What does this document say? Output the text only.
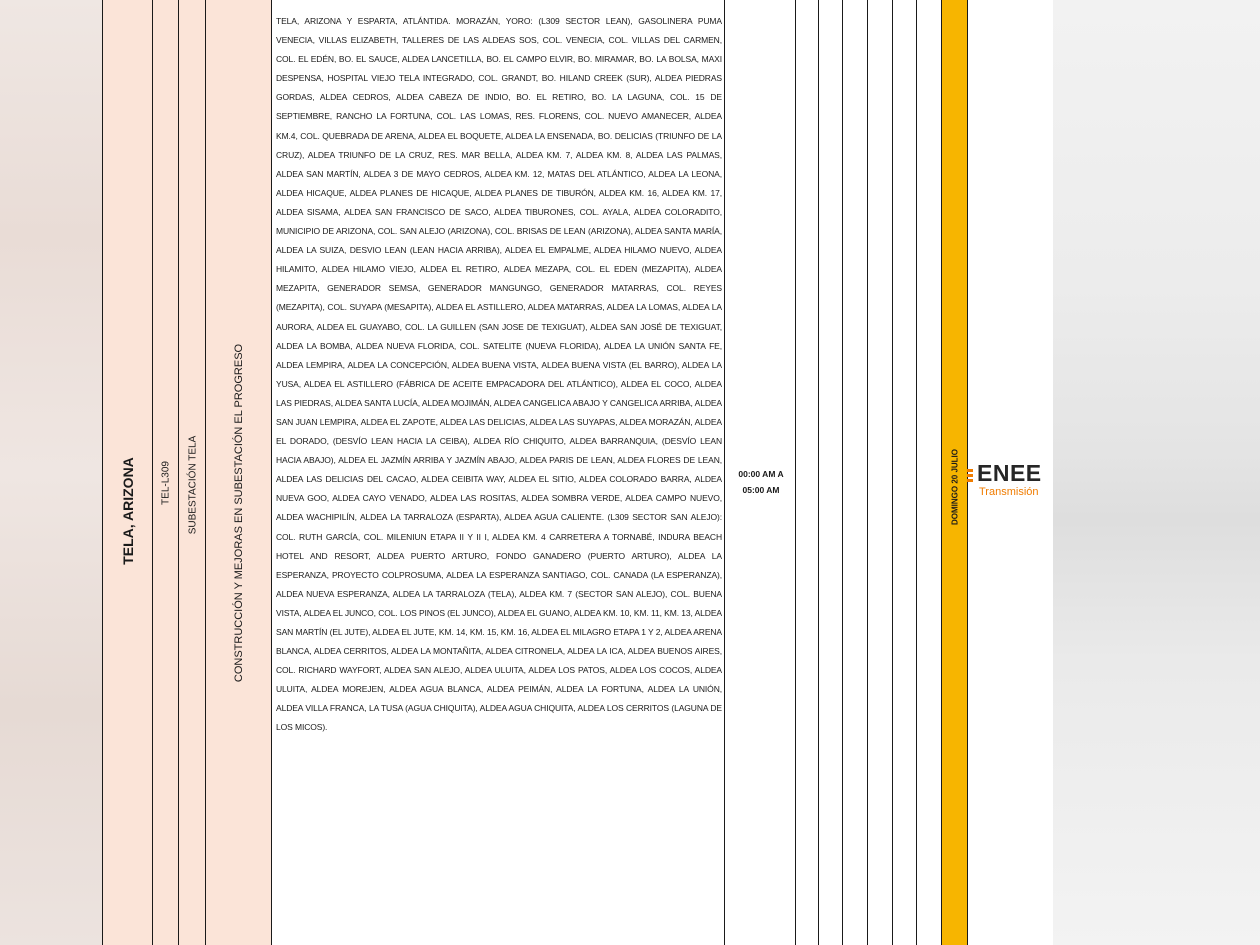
TELA, ARIZONA TEL-L309 SUBESTACIÓN TELA	CONSTRUCCIÓN Y MEJORAS EN SUBESTACIÓN EL PROGRESO
TELA, ARIZONA Y ESPARTA, ATLÁNTIDA. MORAZÁN, YORO: (L309 SECTOR LEAN), GASOLINERA PUMA VENECIA, VILLAS ELIZABETH, TALLERES DE LAS ALDEAS SOS, COL. VENECIA, COL. VILLAS DEL CARMEN, COL. EL EDÉN, BO. EL SAUCE, ALDEA LANCETILLA, BO. EL CAMPO ELVIR, BO. MIRAMAR, BO. LA BOLSA, MAXI DESPENSA, HOSPITAL VIEJO TELA INTEGRADO, COL. GRANDT, BO. HILAND CREEK (SUR), ALDEA PIEDRAS GORDAS, ALDEA CEDROS, ALDEA CABEZA DE INDIO, BO. EL RETIRO, BO. LA LAGUNA, COL. 15 DE SEPTIEMBRE, RANCHO LA FORTUNA, COL. LAS LOMAS, RES. FLORENS, COL. NUEVO AMANECER, ALDEA KM.4, COL. QUEBRADA DE ARENA, ALDEA EL BOQUETE, ALDEA LA ENSENADA, BO. DELICIAS (TRIUNFO DE LA CRUZ), ALDEA TRIUNFO DE LA CRUZ, RES. MAR BELLA, ALDEA KM. 7, ALDEA KM. 8, ALDEA LAS PALMAS, ALDEA SAN MARTÍN, ALDEA 3 DE MAYO CEDROS, ALDEA KM. 12, MATAS DEL ATLÁNTICO, ALDEA LA LEONA, ALDEA HICAQUE, ALDEA PLANES DE HICAQUE, ALDEA PLANES DE TIBURÓN, ALDEA KM. 16, ALDEA KM. 17, ALDEA SISAMA, ALDEA SAN FRANCISCO DE SACO, ALDEA TIBURONES, COL. AYALA, ALDEA COLORADITO, MUNICIPIO DE ARIZONA, COL. SAN ALEJO (ARIZONA), COL. BRISAS DE LEAN (ARIZONA), ALDEA SANTA MARÍA, ALDEA LA SUIZA, DESVIO LEAN (LEAN HACIA ARRIBA), ALDEA EL EMPALME, ALDEA HILAMO NUEVO, ALDEA HILAMITO, ALDEA HILAMO VIEJO, ALDEA EL RETIRO, ALDEA MEZAPA, COL. EL EDEN (MEZAPITA), ALDEA MEZAPITA, GENERADOR SEMSA, GENERADOR MANGUNGO, GENERADOR MATARRAS, COL. REYES (MEZAPITA), COL. SUYAPA (MESAPITA), ALDEA EL ASTILLERO, ALDEA MATARRAS, ALDEA LA LOMAS, ALDEA LA AURORA, ALDEA EL GUAYABO, COL. LA GUILLEN (SAN JOSE DE TEXIGUAT), ALDEA SAN JOSÉ DE TEXIGUAT, ALDEA LA BOMBA, ALDEA NUEVA FLORIDA, COL. SATELITE (NUEVA FLORIDA), ALDEA LA UNIÓN SANTA FE, ALDEA LEMPIRA, ALDEA LA CONCEPCIÓN, ALDEA BUENA VISTA, ALDEA BUENA VISTA (EL BARRO), ALDEA LA YUSA, ALDEA EL ASTILLERO (FÁBRICA DE ACEITE EMPACADORA DEL ATLÁNTICO), ALDEA EL COCO, ALDEA LAS PIEDRAS, ALDEA SANTA LUCÍA, ALDEA MOJIMÁN, ALDEA CANGELICA ABAJO Y CANGELICA ARRIBA, ALDEA SAN JUAN LEMPIRA, ALDEA EL ZAPOTE, ALDEA LAS DELICIAS, ALDEA LAS SUYAPAS, ALDEA MORAZÁN, ALDEA EL DORADO, (DESVÍO LEAN HACIA LA CEIBA), ALDEA RÍO CHIQUITO, ALDEA BARRANQUIA, (DESVÍO LEAN HACIA ABAJO), ALDEA EL JAZMÍN ARRIBA Y JAZMÍN ABAJO, ALDEA PARIS DE LEAN, ALDEA FLORES DE LEAN, ALDEA LAS DELICIAS DEL CACAO, ALDEA CEIBITA WAY, ALDEA EL SITIO, ALDEA COLORADO BARRA, ALDEA NUEVA GOO, ALDEA CAYO VENADO, ALDEA LAS ROSITAS, ALDEA SOMBRA VERDE, ALDEA CAMPO NUEVO, ALDEA WACHIPILÍN, ALDEA LA TARRALOZA (ESPARTA), ALDEA AGUA CALIENTE. (L309 SECTOR SAN ALEJO): COL. RUTH GARCÍA, COL. MILENIUN ETAPA II Y II I, ALDEA KM. 4 CARRETERA A TORNABÉ, INDURA BEACH HOTEL AND RESORT, ALDEA PUERTO ARTURO, FONDO GANADERO (PUERTO ARTURO), ALDEA LA ESPERANZA, PROYECTO COLPROSUMA, ALDEA LA ESPERANZA SANTIAGO, COL. CANADA (LA ESPERANZA), ALDEA NUEVA ESPERANZA, ALDEA LA TARRALOZA (TELA), ALDEA KM. 7 (SECTOR SAN ALEJO), COL. BUENA VISTA, ALDEA EL JUNCO, COL. LOS PINOS (EL JUNCO), ALDEA EL GUANO, ALDEA KM. 10, KM. 11, KM. 13, ALDEA SAN MARTÍN (EL JUTE), ALDEA EL JUTE, KM. 14, KM. 15, KM. 16, ALDEA EL MILAGRO ETAPA 1 Y 2, ALDEA ARENA BLANCA, ALDEA CERRITOS, ALDEA LA MONTAÑITA, ALDEA CITRONELA, ALDEA LA ICA, ALDEA BUENOS AIRES, COL. RICHARD WAYFORT, ALDEA SAN ALEJO, ALDEA ULUITA, ALDEA LOS PATOS, ALDEA LOS COCOS, ALDEA ULUITA, ALDEA MOREJEN, ALDEA AGUA BLANCA, ALDEA PEIMÁN, ALDEA LA FORTUNA, ALDEA LA UNIÓN, ALDEA VILLA FRANCA, LA TUSA (AGUA CHIQUITA), ALDEA AGUA CHIQUITA, ALDEA LOS CERRITOS (LAGUNA DE LOS MICOS).
00:00 AM A
05:00 AM	DOMINGO 20 JULIO ENEE
Transmisión
